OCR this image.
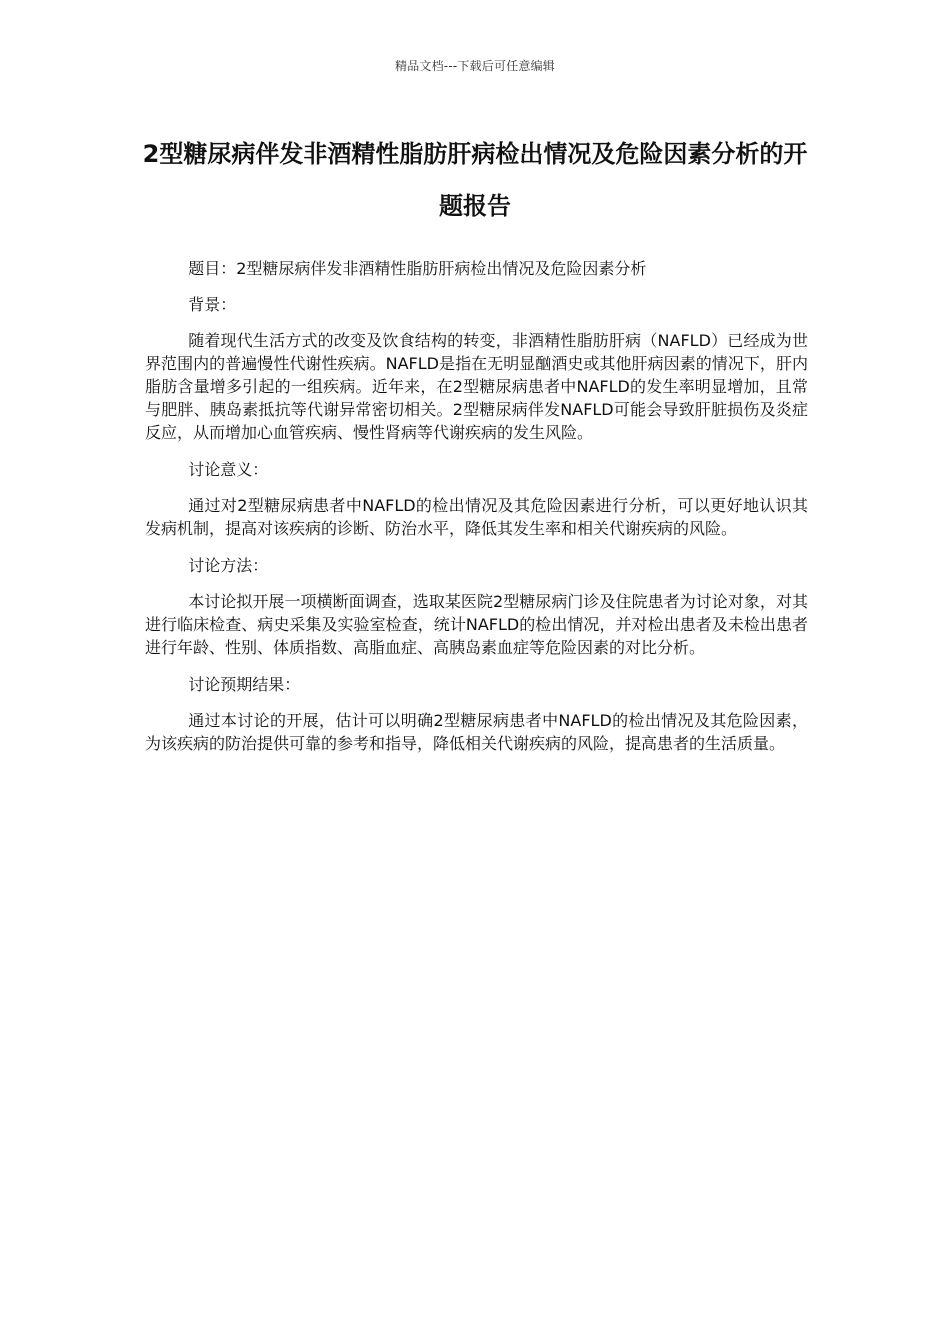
精品文档---下载后可任意编辑
2型糖尿病伴发非酒精性脂肪肝病检出情况及危险因素分析的开题报告

题目：2型糖尿病伴发非酒精性脂肪肝病检出情况及危险因素分析

背景：

随着现代生活方式的改变及饮食结构的转变，非酒精性脂肪肝病（NAFLD）已经成为世界范围内的普遍慢性代谢性疾病。NAFLD是指在无明显酗酒史或其他肝病因素的情况下，肝内脂肪含量增多引起的一组疾病。近年来，在2型糖尿病患者中NAFLD的发生率明显增加，且常与肥胖、胰岛素抵抗等代谢异常密切相关。2型糖尿病伴发NAFLD可能会导致肝脏损伤及炎症反应，从而增加心血管疾病、慢性肾病等代谢疾病的发生风险。

讨论意义：

通过对2型糖尿病患者中NAFLD的检出情况及其危险因素进行分析，可以更好地认识其发病机制，提高对该疾病的诊断、防治水平，降低其发生率和相关代谢疾病的风险。

讨论方法：

本讨论拟开展一项横断面调查，选取某医院2型糖尿病门诊及住院患者为讨论对象，对其进行临床检查、病史采集及实验室检查，统计NAFLD的检出情况，并对检出患者及未检出患者进行年龄、性别、体质指数、高脂血症、高胰岛素血症等危险因素的对比分析。

讨论预期结果：

通过本讨论的开展，估计可以明确2型糖尿病患者中NAFLD的检出情况及其危险因素，为该疾病的防治提供可靠的参考和指导，降低相关代谢疾病的风险，提高患者的生活质量。
